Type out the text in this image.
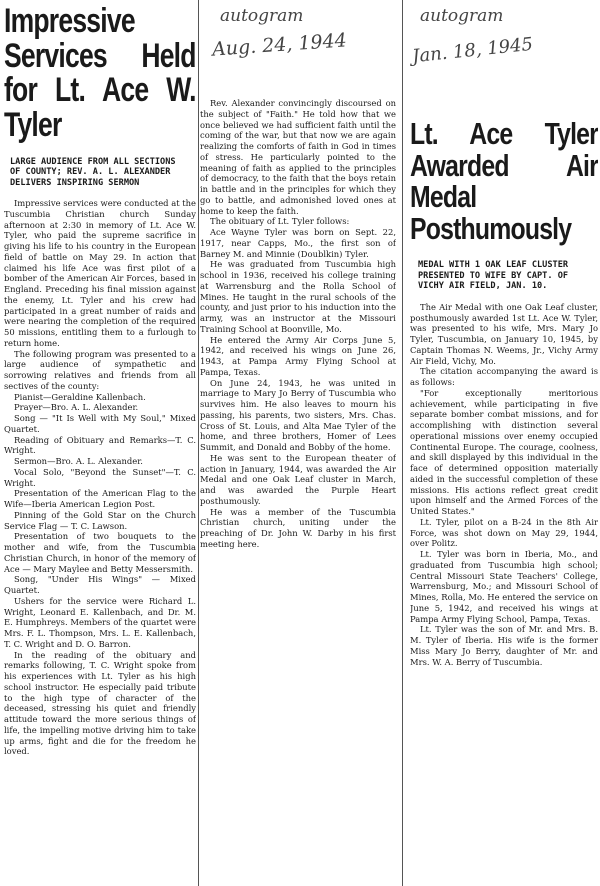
Impressive Services Held for Lt. Ace W. Tyler
LARGE AUDIENCE FROM ALL SECTIONS OF COUNTY; REV. A. L. ALEXANDER DELIVERS INSPIRING SERMON

Impressive services were conducted at the Tuscumbia Christian church Sunday afternoon at 2:30 in memory of Lt. Ace W. Tyler, who paid the supreme sacrifice in giving his life to his country in the European field of battle on May 29. In action that claimed his life Ace was first pilot of a bomber of the American Air Forces, based in England. Preceding his final mission against the enemy, Lt. Tyler and his crew had participated in a great number of raids and were nearing the completion of the required 50 missions, entitling them to a furlough to return home.

The following program was presented to a large audience of sympathetic and sorrowing relatives and friends from all sectives of the county:

Pianist—Geraldine Kallenbach.

Prayer—Bro. A. L. Alexander.

Song — "It Is Well with My Soul," Mixed Quartet.

Reading of Obituary and Remarks—T. C. Wright.

Sermon—Bro. A. L. Alexander.

Vocal Solo, "Beyond the Sunset"—T. C. Wright.

Presentation of the American Flag to the Wife—Iberia American Legion Post.

Pinning of the Gold Star on the Church Service Flag — T. C. Lawson.

Presentation of two bouquets to the mother and wife, from the Tuscumbia Christian Church, in honor of the memory of Ace — Mary Maylee and Betty Messersmith.

Song, "Under His Wings" — Mixed Quartet.

Ushers for the service were Richard L. Wright, Leonard E. Kallenbach, and Dr. M. E. Humphreys. Members of the quartet were Mrs. F. L. Thompson, Mrs. L. E. Kallenbach, T. C. Wright and D. O. Barron.

In the reading of the obituary and remarks following, T. C. Wright spoke from his experiences with Lt. Tyler as his high school instructor. He especially paid tribute to the high type of character of the deceased, stressing his quiet and friendly attitude toward the more serious things of life, the impelling motive driving him to take up arms, fight and die for the freedom he loved.

autogram
Aug. 24, 1944

Rev. Alexander convincingly discoursed on the subject of "Faith." He told how that we once believed we had sufficient faith until the coming of the war, but that now we are again realizing the comforts of faith in God in times of stress. He particularly pointed to the meaning of faith as applied to the principles of democracy, to the faith that the boys retain in battle and in the principles for which they go to battle, and admonished loved ones at home to keep the faith.

The obituary of Lt. Tyler follows:

Ace Wayne Tyler was born on Sept. 22, 1917, near Capps, Mo., the first son of Barney M. and Minnie (Doublkin) Tyler.

He was graduated from Tuscumbia high school in 1936, received his college training at Warrensburg and the Rolla School of Mines. He taught in the rural schools of the county, and just prior to his induction into the army, was an instructor at the Missouri Training School at Boonville, Mo.

He entered the Army Air Corps June 5, 1942, and received his wings on June 26, 1943, at Pampa Army Flying School at Pampa, Texas.

On June 24, 1943, he was united in marriage to Mary Jo Berry of Tuscumbia who survives him. He also leaves to mourn his passing, his parents, two sisters, Mrs. Chas. Cross of St. Louis, and Alta Mae Tyler of the home, and three brothers, Homer of Lees Summit, and Donald and Bobby of the home.

He was sent to the European theater of action in January, 1944, was awarded the Air Medal and one Oak Leaf cluster in March, and was awarded the Purple Heart posthumously.

He was a member of the Tuscumbia Christian church, uniting under the preaching of Dr. John W. Darby in his first meeting here.

autogram
Jan. 18, 1945
Lt. Ace Tyler Awarded Air Medal Posthumously
MEDAL WITH 1 OAK LEAF CLUSTER PRESENTED TO WIFE BY CAPT. OF VICHY AIR FIELD, JAN. 10.

The Air Medal with one Oak Leaf cluster, posthumously awarded 1st Lt. Ace W. Tyler, was presented to his wife, Mrs. Mary Jo Tyler, Tuscumbia, on January 10, 1945, by Captain Thomas N. Weems, Jr., Vichy Army Air Field, Vichy, Mo.

The citation accompanying the award is as follows:

"For exceptionally meritorious achievement, while participating in five separate bomber combat missions, and for accomplishing with distinction several operational missions over enemy occupied Continental Europe. The courage, coolness, and skill displayed by this individual in the face of determined opposition materially aided in the successful completion of these missions. His actions reflect great credit upon himself and the Armed Forces of the United States."

Lt. Tyler, pilot on a B-24 in the 8th Air Force, was shot down on May 29, 1944, over Politz.

Lt. Tyler was born in Iberia, Mo., and graduated from Tuscumbia high school; Central Missouri State Teachers' College, Warrensburg, Mo.; and Missouri School of Mines, Rolla, Mo. He entered the service on June 5, 1942, and received his wings at Pampa Army Flying School, Pampa, Texas.

Lt. Tyler was the son of Mr. and Mrs. B. M. Tyler of Iberia. His wife is the former Miss Mary Jo Berry, daughter of Mr. and Mrs. W. A. Berry of Tuscumbia.
